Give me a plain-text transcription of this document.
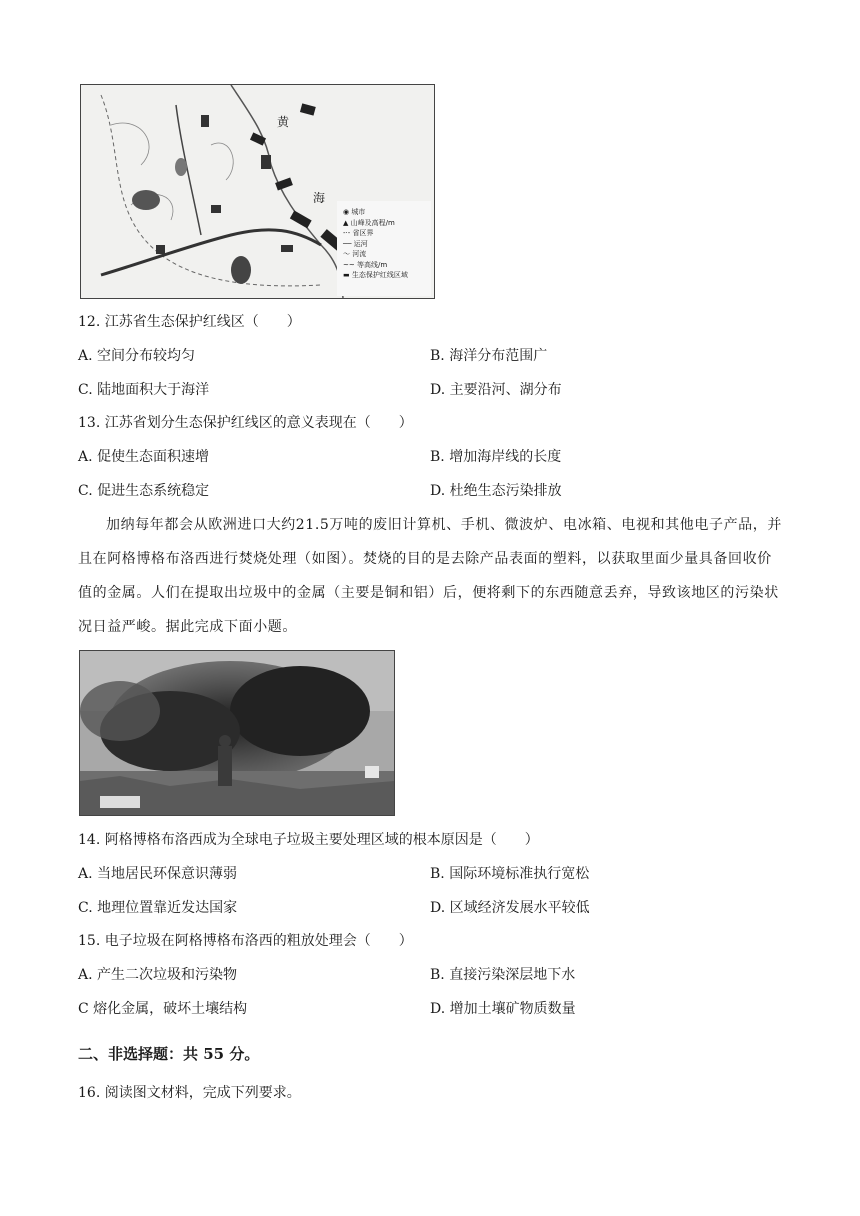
黄
海
◉ 城市
▲ 山峰及高程/m
-·- 省区界
── 运河
～ 河流
~~ 等高线/m
▬ 生态保护红线区域
12. 江苏省生态保护红线区（　　）
A. 空间分布较均匀	B. 海洋分布范围广
C. 陆地面积大于海洋	D. 主要沿河、湖分布
13. 江苏省划分生态保护红线区的意义表现在（　　）
A. 促使生态面积速增	B. 增加海岸线的长度
C. 促进生态系统稳定	D. 杜绝生态污染排放
加纳每年都会从欧洲进口大约21.5万吨的废旧计算机、手机、微波炉、电冰箱、电视和其他电子产品，并且在阿格博格布洛西进行焚烧处理（如图）。焚烧的目的是去除产品表面的塑料，以获取里面少量具备回收价值的金属。人们在提取出垃圾中的金属（主要是铜和铝）后，便将剩下的东西随意丢弃，导致该地区的污染状况日益严峻。据此完成下面小题。
14. 阿格博格布洛西成为全球电子垃圾主要处理区域的根本原因是（　　）
A. 当地居民环保意识薄弱	B. 国际环境标准执行宽松
C. 地理位置靠近发达国家	D. 区域经济发展水平较低
15. 电子垃圾在阿格博格布洛西的粗放处理会（　　）
A. 产生二次垃圾和污染物	B. 直接污染深层地下水
C 熔化金属，破坏土壤结构	D. 增加土壤矿物质数量
二、非选择题：共 55 分。
16. 阅读图文材料，完成下列要求。
